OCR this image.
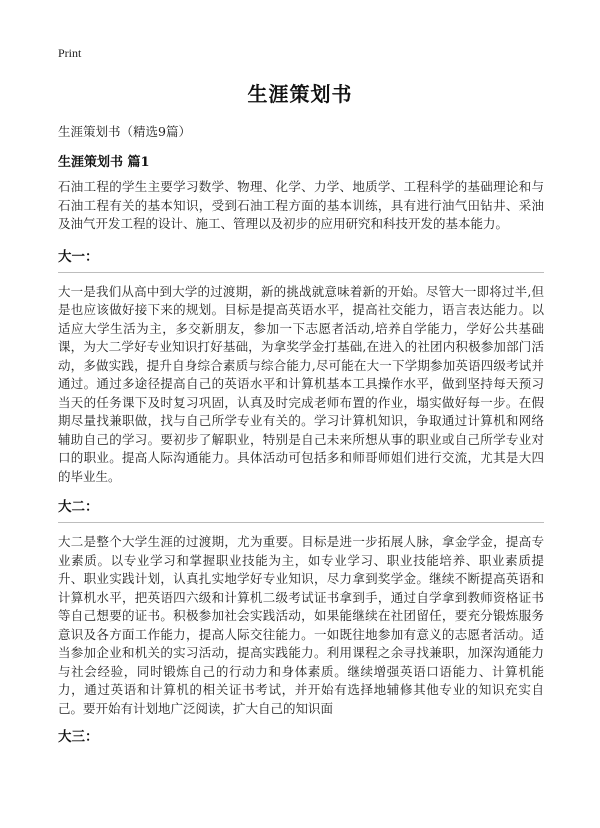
Print
生涯策划书
生涯策划书（精选9篇）
生涯策划书 篇1

石油工程的学生主要学习数学、物理、化学、力学、地质学、工程科学的基础理论和与石油工程有关的基本知识，受到石油工程方面的基本训练，具有进行油气田钻井、采油及油气开发工程的设计、施工、管理以及初步的应用研究和科技开发的基本能力。

大一：

大一是我们从高中到大学的过渡期，新的挑战就意味着新的开始。尽管大一即将过半,但是也应该做好接下来的规划。目标是提高英语水平，提高社交能力，语言表达能力。以适应大学生活为主，多交新朋友，参加一下志愿者活动,培养自学能力，学好公共基础课，为大二学好专业知识打好基础，为拿奖学金打基础,在进入的社团内积极参加部门活动，多做实践，提升自身综合素质与综合能力,尽可能在大一下学期参加英语四级考试并通过。通过多途径提高自己的英语水平和计算机基本工具操作水平，做到坚持每天预习当天的任务课下及时复习巩固，认真及时完成老师布置的作业，塌实做好每一步。在假期尽量找兼职做，找与自己所学专业有关的。学习计算机知识，争取通过计算机和网络辅助自己的学习。要初步了解职业，特别是自己未来所想从事的职业或自己所学专业对口的职业。提高人际沟通能力。具体活动可包括多和师哥师姐们进行交流，尤其是大四的毕业生。

大二：

大二是整个大学生涯的过渡期，尤为重要。目标是进一步拓展人脉，拿金学金，提高专业素质。以专业学习和掌握职业技能为主，如专业学习、职业技能培养、职业素质提升、职业实践计划，认真扎实地学好专业知识，尽力拿到奖学金。继续不断提高英语和计算机水平，把英语四六级和计算机二级考试证书拿到手，通过自学拿到教师资格证书等自己想要的证书。积极参加社会实践活动，如果能继续在社团留任，要充分锻炼服务意识及各方面工作能力，提高人际交往能力。一如既往地参加有意义的志愿者活动。适当参加企业和机关的实习活动，提高实践能力。利用课程之余寻找兼职，加深沟通能力与社会经验，同时锻炼自己的行动力和身体素质。继续增强英语口语能力、计算机能力，通过英语和计算机的相关证书考试，并开始有选择地辅修其他专业的知识充实自己。要开始有计划地广泛阅读，扩大自己的知识面

大三：
